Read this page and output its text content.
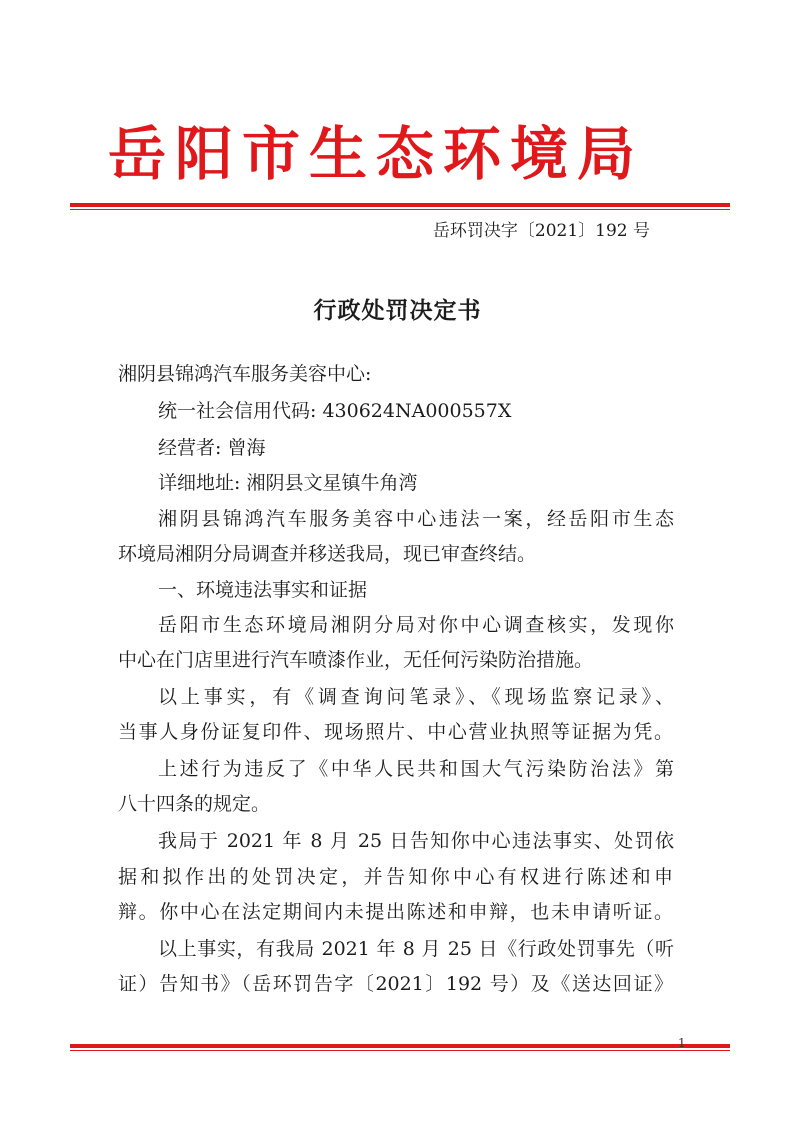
岳阳市生态环境局
岳环罚决字〔2021〕192 号
行政处罚决定书
湘阴县锦鸿汽车服务美容中心:
统一社会信用代码: 430624NA000557X
经营者: 曾海
详细地址: 湘阴县文星镇牛角湾
湘阴县锦鸿汽车服务美容中心违法一案，经岳阳市生态
环境局湘阴分局调查并移送我局，现已审查终结。
一、环境违法事实和证据
岳阳市生态环境局湘阴分局对你中心调查核实，发现你
中心在门店里进行汽车喷漆作业，无任何污染防治措施。
以上事实，有《调查询问笔录》、《现场监察记录》、
当事人身份证复印件、现场照片、中心营业执照等证据为凭。
上述行为违反了《中华人民共和国大气污染防治法》第
八十四条的规定。
我局于 2021 年 8 月 25 日告知你中心违法事实、处罚依
据和拟作出的处罚决定，并告知你中心有权进行陈述和申
辩。你中心在法定期间内未提出陈述和申辩，也未申请听证。
以上事实，有我局 2021 年 8 月 25 日《行政处罚事先（听
证）告知书》（岳环罚告字〔2021〕192 号）及《送达回证》
1
